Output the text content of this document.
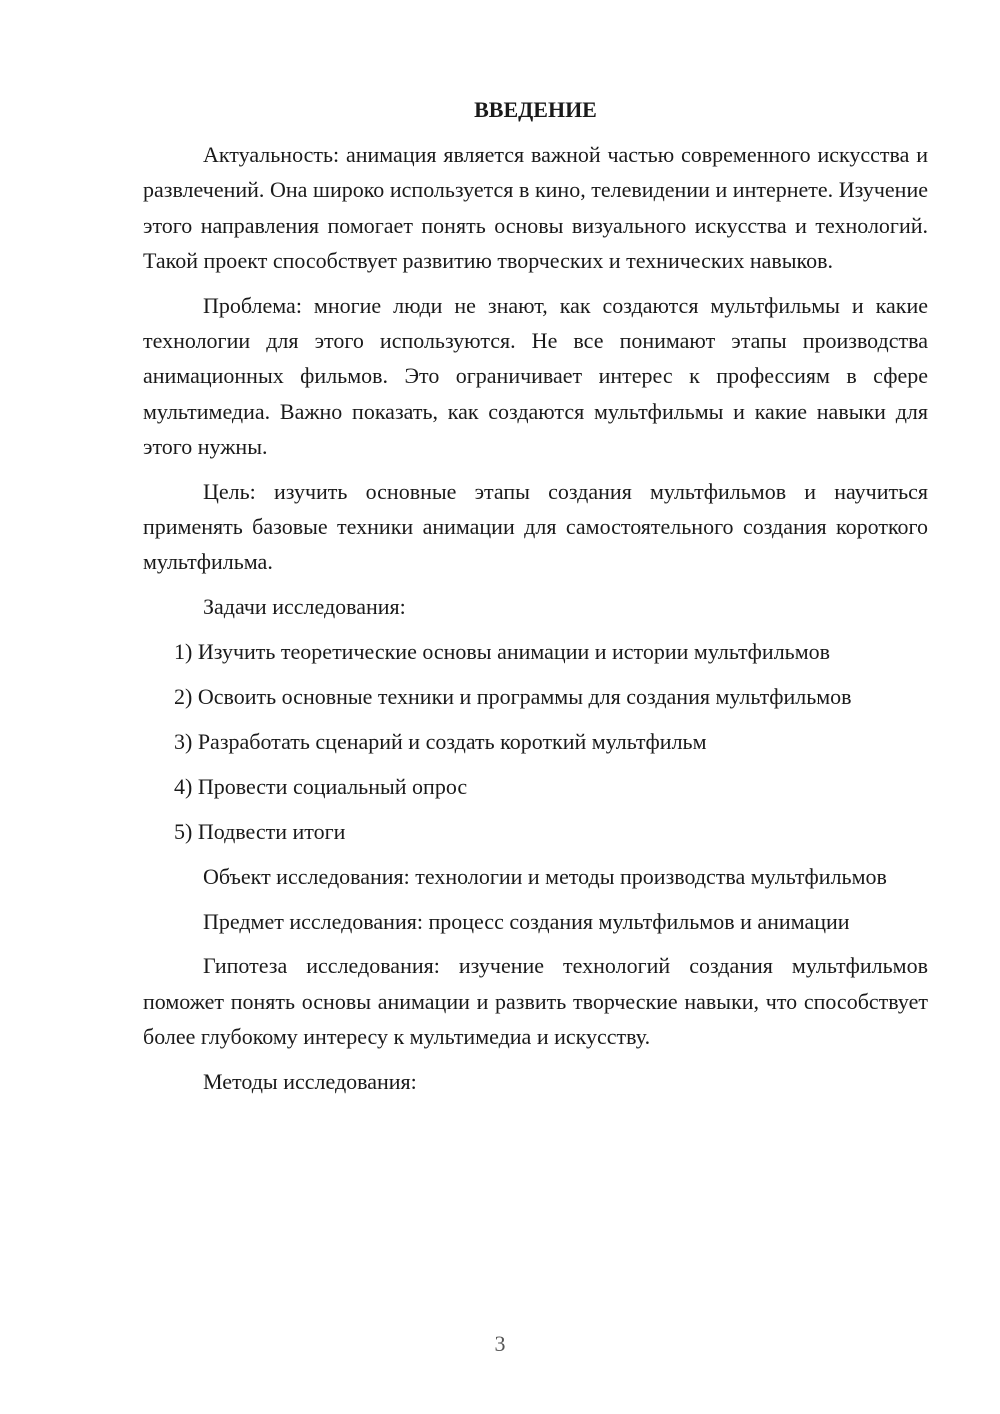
ВВЕДЕНИЕ

Актуальность: анимация является важной частью современного искусства и развлечений. Она широко используется в кино, телевидении и интернете. Изучение этого направления помогает понять основы визуального искусства и технологий. Такой проект способствует развитию творческих и технических навыков.

Проблема: многие люди не знают, как создаются мультфильмы и какие технологии для этого используются. Не все понимают этапы производства анимационных фильмов. Это ограничивает интерес к профессиям в сфере мультимедиа. Важно показать, как создаются мультфильмы и какие навыки для этого нужны.

Цель: изучить основные этапы создания мультфильмов и научиться применять базовые техники анимации для самостоятельного создания короткого мультфильма.

Задачи исследования:

1) Изучить теоретические основы анимации и истории мультфильмов

2) Освоить основные техники и программы для создания мультфильмов

3) Разработать сценарий и создать короткий мультфильм

4) Провести социальный опрос

5) Подвести итоги

Объект исследования: технологии и методы производства мультфильмов

Предмет исследования: процесс создания мультфильмов и анимации

Гипотеза исследования: изучение технологий создания мультфильмов поможет понять основы анимации и развить творческие навыки, что способствует более глубокому интересу к мультимедиа и искусству.

Методы исследования:

3
